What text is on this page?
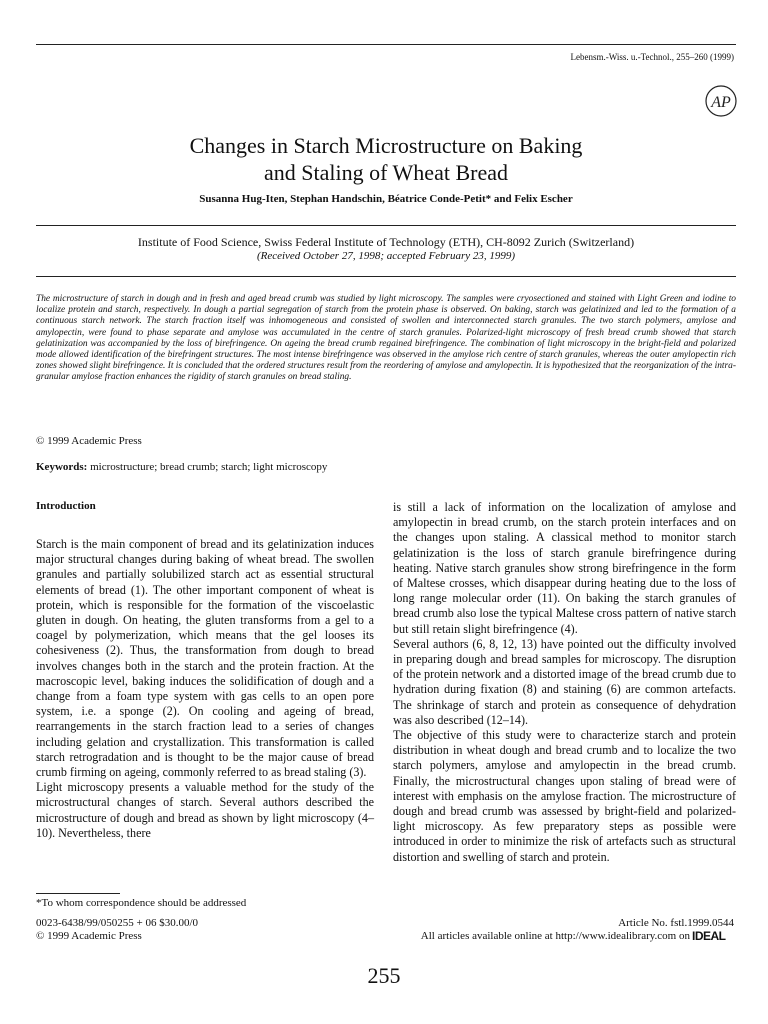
Lebensm.-Wiss. u.-Technol., 255–260 (1999)
AP
Changes in Starch Microstructure on Baking
and Staling of Wheat Bread
Susanna Hug-Iten, Stephan Handschin, Béatrice Conde-Petit* and Felix Escher
Institute of Food Science, Swiss Federal Institute of Technology (ETH), CH-8092 Zurich (Switzerland)
(Received October 27, 1998; accepted February 23, 1999)
The microstructure of starch in dough and in fresh and aged bread crumb was studied by light microscopy. The samples were cryosectioned and stained with Light Green and iodine to localize protein and starch, respectively. In dough a partial segregation of starch from the protein phase is observed. On baking, starch was gelatinized and led to the formation of a continuous starch network. The starch fraction itself was inhomogeneous and consisted of swollen and interconnected starch granules. The two starch polymers, amylose and amylopectin, were found to phase separate and amylose was accumulated in the centre of starch granules. Polarized-light microscopy of fresh bread crumb showed that starch gelatinization was accompanied by the loss of birefringence. On ageing the bread crumb regained birefringence. The combination of light microscopy in the bright-field and polarized mode allowed identification of the birefringent structures. The most intense birefringence was observed in the amylose rich centre of starch granules, whereas the outer amylopectin rich zones showed slight birefringence. It is concluded that the ordered structures result from the reordering of amylose and amylopectin. It is hypothesized that the reorganization of the intra-granular amylose fraction enhances the rigidity of starch granules on bread staling.
© 1999 Academic Press
Keywords: microstructure; bread crumb; starch; light microscopy
Introduction

Starch is the main component of bread and its gelatinization induces major structural changes during baking of wheat bread. The swollen granules and partially solubilized starch act as essential structural elements of bread (1). The other important component of wheat is protein, which is responsible for the formation of the viscoelastic gluten in dough. On heating, the gluten transforms from a gel to a coagel by polymerization, which means that the gel looses its cohesiveness (2). Thus, the transformation from dough to bread involves changes both in the starch and the protein fraction. At the macroscopic level, baking induces the solidification of dough and a change from a foam type system with gas cells to an open pore system, i.e. a sponge (2). On cooling and ageing of bread, rearrangements in the starch fraction lead to a series of changes including gelation and crystallization. This transformation is called starch retrogradation and is thought to be the major cause of bread crumb firming on ageing, commonly referred to as bread staling (3).

Light microscopy presents a valuable method for the study of the microstructural changes of starch. Several authors described the microstructure of dough and bread as shown by light microscopy (4–10). Nevertheless, there

is still a lack of information on the localization of amylose and amylopectin in bread crumb, on the starch protein interfaces and on the changes upon staling. A classical method to monitor starch gelatinization is the loss of starch granule birefringence during heating. Native starch granules show strong birefringence in the form of Maltese crosses, which disappear during heating due to the loss of long range molecular order (11). On baking the starch granules of bread crumb also lose the typical Maltese cross pattern of native starch but still retain slight birefringence (4).

Several authors (6, 8, 12, 13) have pointed out the difficulty involved in preparing dough and bread samples for microscopy. The disruption of the protein network and a distorted image of the bread crumb due to hydration during fixation (8) and staining (6) are common artefacts. The shrinkage of starch and protein as consequence of dehydration was also described (12–14).

The objective of this study were to characterize starch and protein distribution in wheat dough and bread crumb and to localize the two starch polymers, amylose and amylopectin in the bread crumb. Finally, the microstructural changes upon staling of bread were of interest with emphasis on the amylose fraction. The microstructure of dough and bread crumb was assessed by bright-field and polarized-light microscopy. As few preparatory steps as possible were introduced in order to minimize the risk of artefacts such as structural distortion and swelling of starch and protein.

*To whom correspondence should be addressed
0023-6438/99/050255 + 06 $30.00/0
© 1999 Academic Press
Article No. fstl.1999.0544
All articles available online at http://www.idealibrary.com on IDEAL
255
